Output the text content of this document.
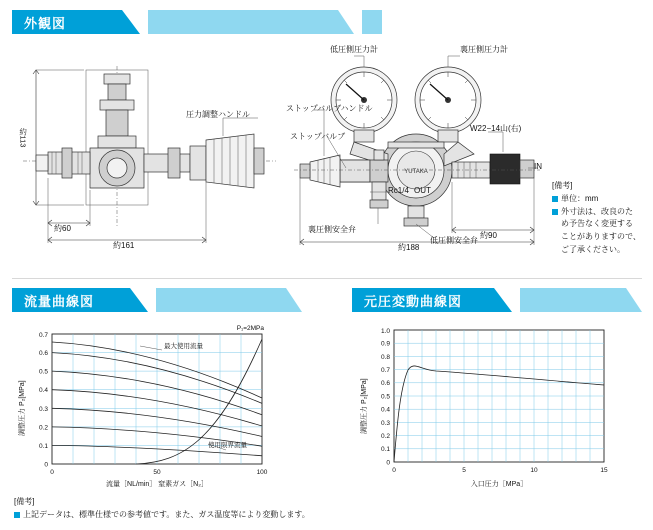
外観図
約113
約60
約161
圧力調整ハンドル
YUTAKA
低圧側圧力計	裏圧側圧力計
ストップバルブハンドル
ストップバルブ
Rc1/4 OUT
IN
裏圧側安全弁
低圧側安全弁
W22−14山(右)
約188
約90
[備考]
単位：mm
外寸法は、改良のた
め予告なく変更する
ことがありますので、
ご了承ください。
流量曲線図
0
0.1
0.2
0.3
0.4
0.5
0.6
0.7
0	50	100
調整圧力 P₂[MPa]
流量［NL/min］ 窒素ガス［N₂］
P₁=2MPa
最大使用流量
使用限界流量
元圧変動曲線図
0
0.1
0.2
0.3
0.4
0.5
0.6
0.7
0.8
0.9
1.0
0	5	10	15
調整圧力 P₂[MPa]
入口圧力［MPa］
[備考]
上記データは、標準仕様での参考値です。また、ガス温度等により変動します。
